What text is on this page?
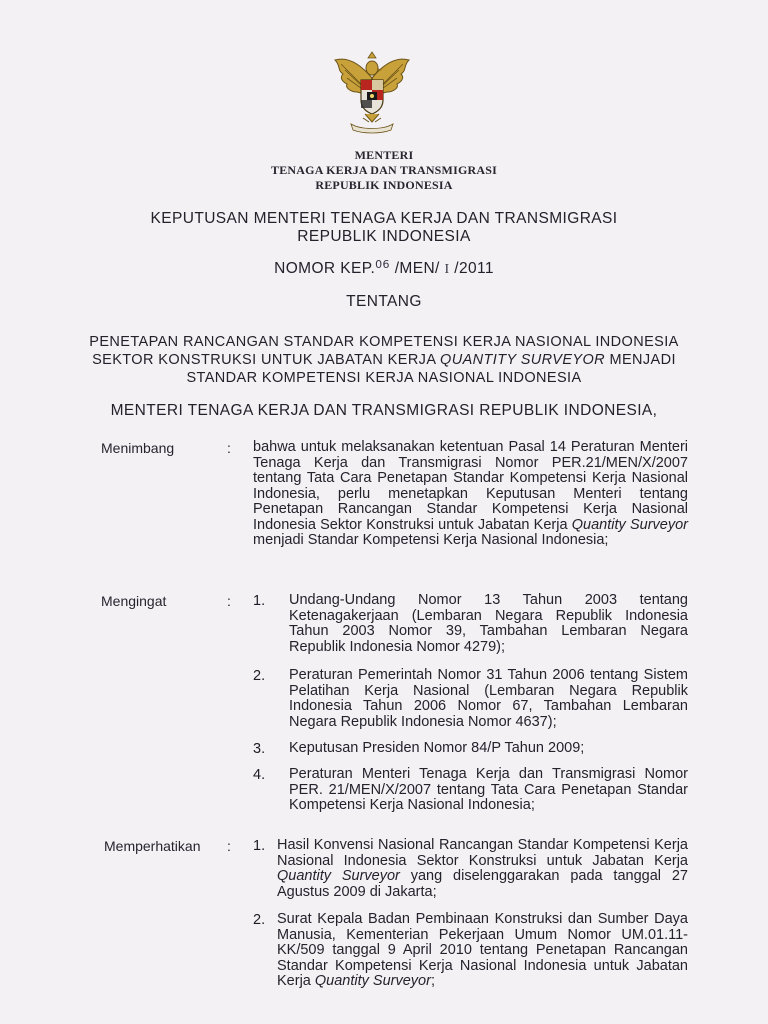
MENTERI
TENAGA KERJA DAN TRANSMIGRASI
REPUBLIK INDONESIA
KEPUTUSAN MENTERI TENAGA KERJA DAN TRANSMIGRASI
REPUBLIK INDONESIA
NOMOR KEP.$^{06}$ /MEN/ I /2011
TENTANG
PENETAPAN RANCANGAN STANDAR KOMPETENSI KERJA NASIONAL INDONESIA
SEKTOR KONSTRUKSI UNTUK JABATAN KERJA QUANTITY SURVEYOR MENJADI
STANDAR KOMPETENSI KERJA NASIONAL INDONESIA
MENTERI TENAGA KERJA DAN TRANSMIGRASI REPUBLIK INDONESIA,
Menimbang	: bahwa untuk melaksanakan ketentuan Pasal 14 Peraturan Menteri Tenaga Kerja dan Transmigrasi Nomor PER.21/MEN/X/2007 tentang Tata Cara Penetapan Standar Kompetensi Kerja Nasional Indonesia, perlu menetapkan Keputusan Menteri tentang Penetapan Rancangan Standar Kompetensi Kerja Nasional Indonesia Sektor Konstruksi untuk Jabatan Kerja Quantity Surveyor menjadi Standar Kompetensi Kerja Nasional Indonesia;
Mengingat	: 1. Undang-Undang Nomor 13 Tahun 2003 tentang Ketenagakerjaan (Lembaran Negara Republik Indonesia Tahun 2003 Nomor 39, Tambahan Lembaran Negara Republik Indonesia Nomor 4279);
2. Peraturan Pemerintah Nomor 31 Tahun 2006 tentang Sistem Pelatihan Kerja Nasional (Lembaran Negara Republik Indonesia Tahun 2006 Nomor 67, Tambahan Lembaran Negara Republik Indonesia Nomor 4637);
3. Keputusan Presiden Nomor 84/P Tahun 2009;
4. Peraturan Menteri Tenaga Kerja dan Transmigrasi Nomor PER. 21/MEN/X/2007 tentang Tata Cara Penetapan Standar Kompetensi Kerja Nasional Indonesia;
Memperhatikan : 1. Hasil Konvensi Nasional Rancangan Standar Kompetensi Kerja Nasional Indonesia Sektor Konstruksi untuk Jabatan Kerja Quantity Surveyor yang diselenggarakan pada tanggal 27 Agustus 2009 di Jakarta;
2. Surat Kepala Badan Pembinaan Konstruksi dan Sumber Daya Manusia, Kementerian Pekerjaan Umum Nomor UM.01.11-KK/509 tanggal 9 April 2010 tentang Penetapan Rancangan Standar Kompetensi Kerja Nasional Indonesia untuk Jabatan Kerja Quantity Surveyor;
